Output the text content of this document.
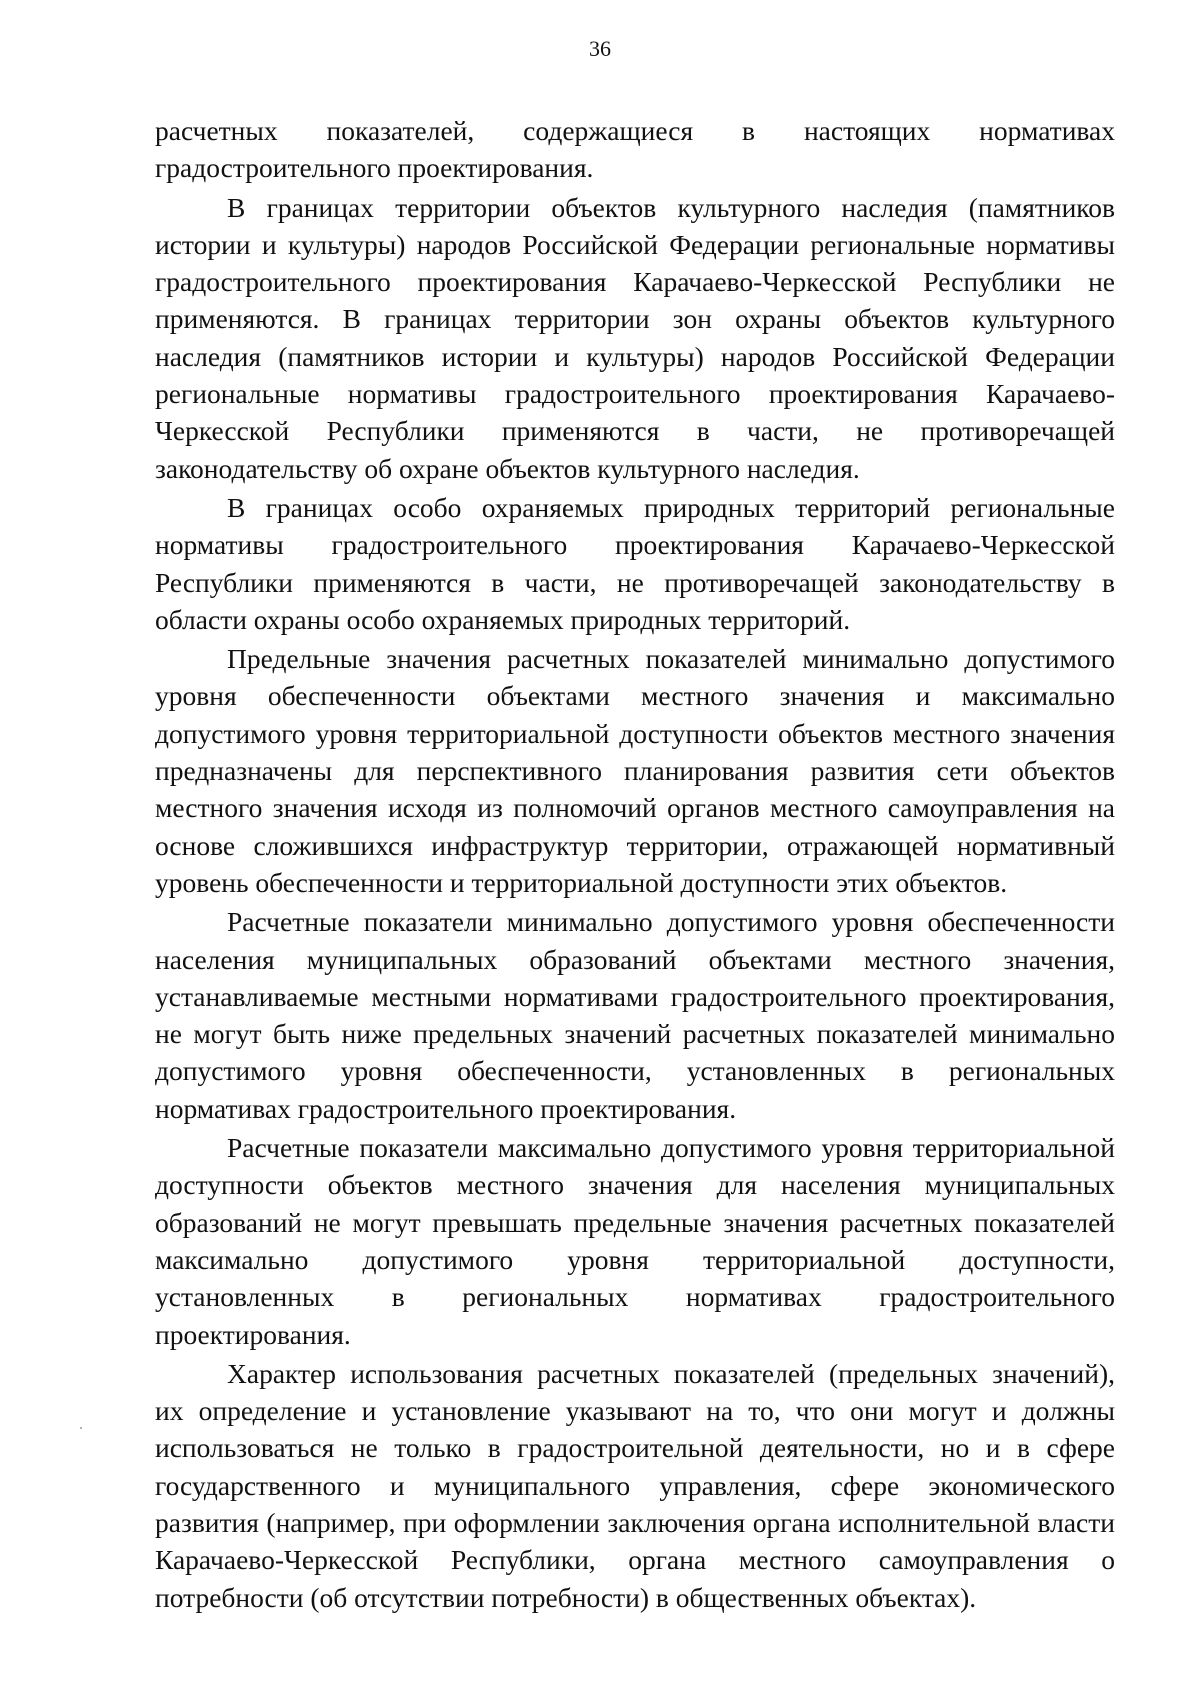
36
расчетных показателей, содержащиеся в настоящих нормативах
градостроительного проектирования.
В границах территории объектов культурного наследия (памятников
истории и культуры) народов Российской Федерации региональные нормативы
градостроительного проектирования Карачаево-Черкесской Республики не
применяются. В границах территории зон охраны объектов культурного
наследия (памятников истории и культуры) народов Российской Федерации
региональные нормативы градостроительного проектирования Карачаево-
Черкесской Республики применяются в части, не противоречащей
законодательству об охране объектов культурного наследия.
В границах особо охраняемых природных территорий региональные
нормативы градостроительного проектирования Карачаево-Черкесской
Республики применяются в части, не противоречащей законодательству в
области охраны особо охраняемых природных территорий.
Предельные значения расчетных показателей минимально допустимого
уровня обеспеченности объектами местного значения и максимально
допустимого уровня территориальной доступности объектов местного значения
предназначены для перспективного планирования развития сети объектов
местного значения исходя из полномочий органов местного самоуправления на
основе сложившихся инфраструктур территории, отражающей нормативный
уровень обеспеченности и территориальной доступности этих объектов.
Расчетные показатели минимально допустимого уровня обеспеченности
населения муниципальных образований объектами местного значения,
устанавливаемые местными нормативами градостроительного проектирования,
не могут быть ниже предельных значений расчетных показателей минимально
допустимого уровня обеспеченности, установленных в региональных
нормативах градостроительного проектирования.
Расчетные показатели максимально допустимого уровня территориальной
доступности объектов местного значения для населения муниципальных
образований не могут превышать предельные значения расчетных показателей
максимально допустимого уровня территориальной доступности,
установленных в региональных нормативах градостроительного
проектирования.
Характер использования расчетных показателей (предельных значений),
их определение и установление указывают на то, что они могут и должны
использоваться не только в градостроительной деятельности, но и в сфере
государственного и муниципального управления, сфере экономического
развития (например, при оформлении заключения органа исполнительной власти
Карачаево-Черкесской Республики, органа местного самоуправления о
потребности (об отсутствии потребности) в общественных объектах).
